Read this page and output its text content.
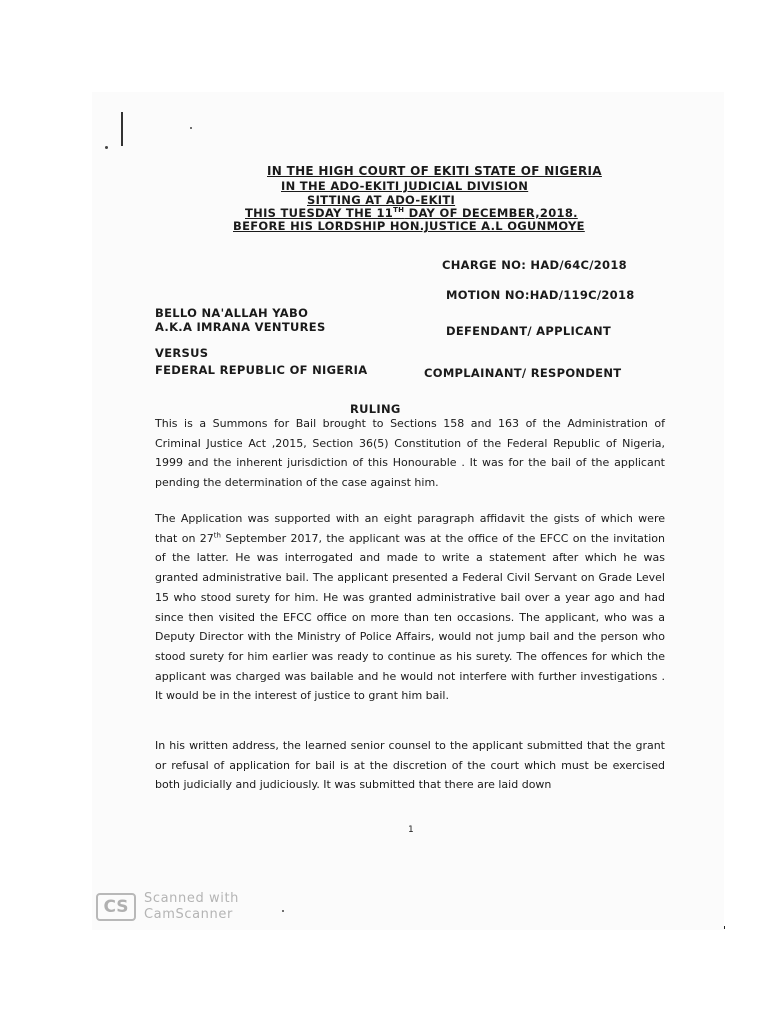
IN THE HIGH COURT OF EKITI STATE OF NIGERIA
IN THE ADO-EKITI JUDICIAL DIVISION
SITTING AT ADO-EKITI
THIS TUESDAY THE 11TH DAY OF DECEMBER,2018.
BEFORE HIS LORDSHIP HON.JUSTICE A.L OGUNMOYE
CHARGE NO: HAD/64C/2018
MOTION NO:HAD/119C/2018
BELLO NA'ALLAH YABO
A.K.A IMRANA VENTURES	DEFENDANT/ APPLICANT
VERSUS
FEDERAL REPUBLIC OF NIGERIA	COMPLAINANT/ RESPONDENT
RULING
This is a Summons for Bail brought to Sections 158 and 163 of the Administration of Criminal Justice Act ,2015, Section 36(5) Constitution of the Federal Republic of Nigeria, 1999 and the inherent jurisdiction of this Honourable . It was for the bail of the applicant pending the determination of the case against him.
The Application was supported with an eight paragraph affidavit the gists of which were that on 27th September 2017, the applicant was at the office of the EFCC on the invitation of the latter. He was interrogated and made to write a statement after which he was granted administrative bail. The applicant presented a Federal Civil Servant on Grade Level 15 who stood surety for him. He was granted administrative bail over a year ago and had since then visited the EFCC office on more than ten occasions. The applicant, who was a Deputy Director with the Ministry of Police Affairs, would not jump bail and the person who stood surety for him earlier was ready to continue as his surety. The offences for which the applicant was charged was bailable and he would not interfere with further investigations . It would be in the interest of justice to grant him bail.
In his written address, the learned senior counsel to the applicant submitted that the grant or refusal of application for bail is at the discretion of the court which must be exercised both judicially and judiciously. It was submitted that there are laid down
1
CS	Scanned with
CamScanner
